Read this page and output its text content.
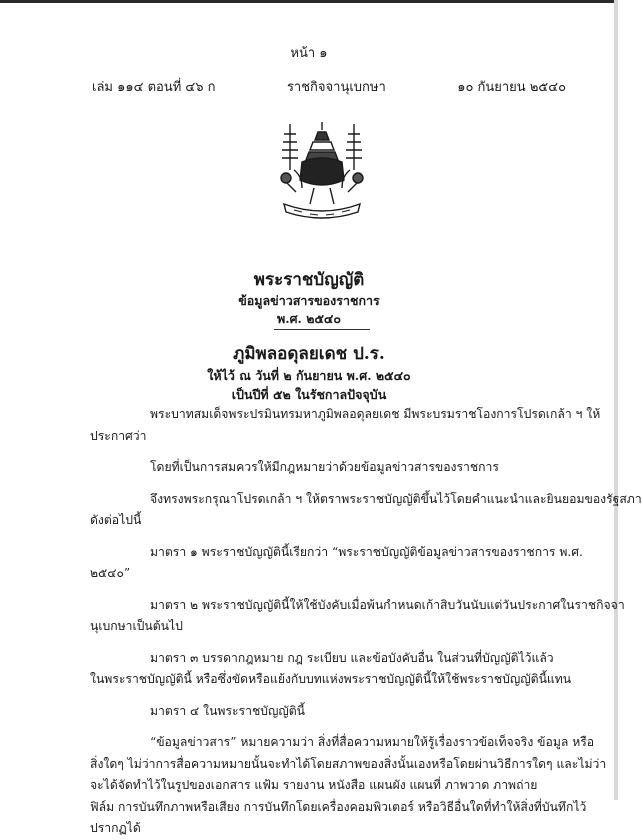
หน้า ๑
เล่ม ๑๑๔ ตอนที่ ๔๖ ก	ราชกิจจานุเบกษา	๑๐ กันยายน ๒๕๔๐
พระราชบัญญัติ
ข้อมูลข่าวสารของราชการ
พ.ศ. ๒๕๔๐
ภูมิพลอดุลยเดช ป.ร.
ให้ไว้ ณ วันที่ ๒ กันยายน พ.ศ. ๒๕๔๐
เป็นปีที่ ๕๒ ในรัชกาลปัจจุบัน

พระบาทสมเด็จพระปรมินทรมหาภูมิพลอดุลยเดช มีพระบรมราชโองการโปรดเกล้า ฯ ให้

ประกาศว่า

โดยที่เป็นการสมควรให้มีกฎหมายว่าด้วยข้อมูลข่าวสารของราชการ

จึงทรงพระกรุณาโปรดเกล้า ฯ ให้ตราพระราชบัญญัติขึ้นไว้โดยคำแนะนำและยินยอมของรัฐสภา

ดังต่อไปนี้

มาตรา ๑ พระราชบัญญัตินี้เรียกว่า “พระราชบัญญัติข้อมูลข่าวสารของราชการ พ.ศ.

๒๕๔๐”

มาตรา ๒ พระราชบัญญัตินี้ให้ใช้บังคับเมื่อพ้นกำหนดเก้าสิบวันนับแต่วันประกาศในราชกิจจา

นุเบกษาเป็นต้นไป

มาตรา ๓ บรรดากฎหมาย กฎ ระเบียบ และข้อบังคับอื่น ในส่วนที่บัญญัติไว้แล้ว

ในพระราชบัญญัตินี้ หรือซึ่งขัดหรือแย้งกับบทแห่งพระราชบัญญัตินี้ให้ใช้พระราชบัญญัตินี้แทน

มาตรา ๔ ในพระราชบัญญัตินี้

“ข้อมูลข่าวสาร” หมายความว่า สิ่งที่สื่อความหมายให้รู้เรื่องราวข้อเท็จจริง ข้อมูล หรือ

สิ่งใดๆ ไม่ว่าการสื่อความหมายนั้นจะทำได้โดยสภาพของสิ่งนั้นเองหรือโดยผ่านวิธีการใดๆ และไม่ว่า

จะได้จัดทำไว้ในรูปของเอกสาร แฟ้ม รายงาน หนังสือ แผนผัง แผนที่ ภาพวาด ภาพถ่าย

ฟิล์ม การบันทึกภาพหรือเสียง การบันทึกโดยเครื่องคอมพิวเตอร์ หรือวิธีอื่นใดที่ทำให้สิ่งที่บันทึกไว้

ปรากฏได้
